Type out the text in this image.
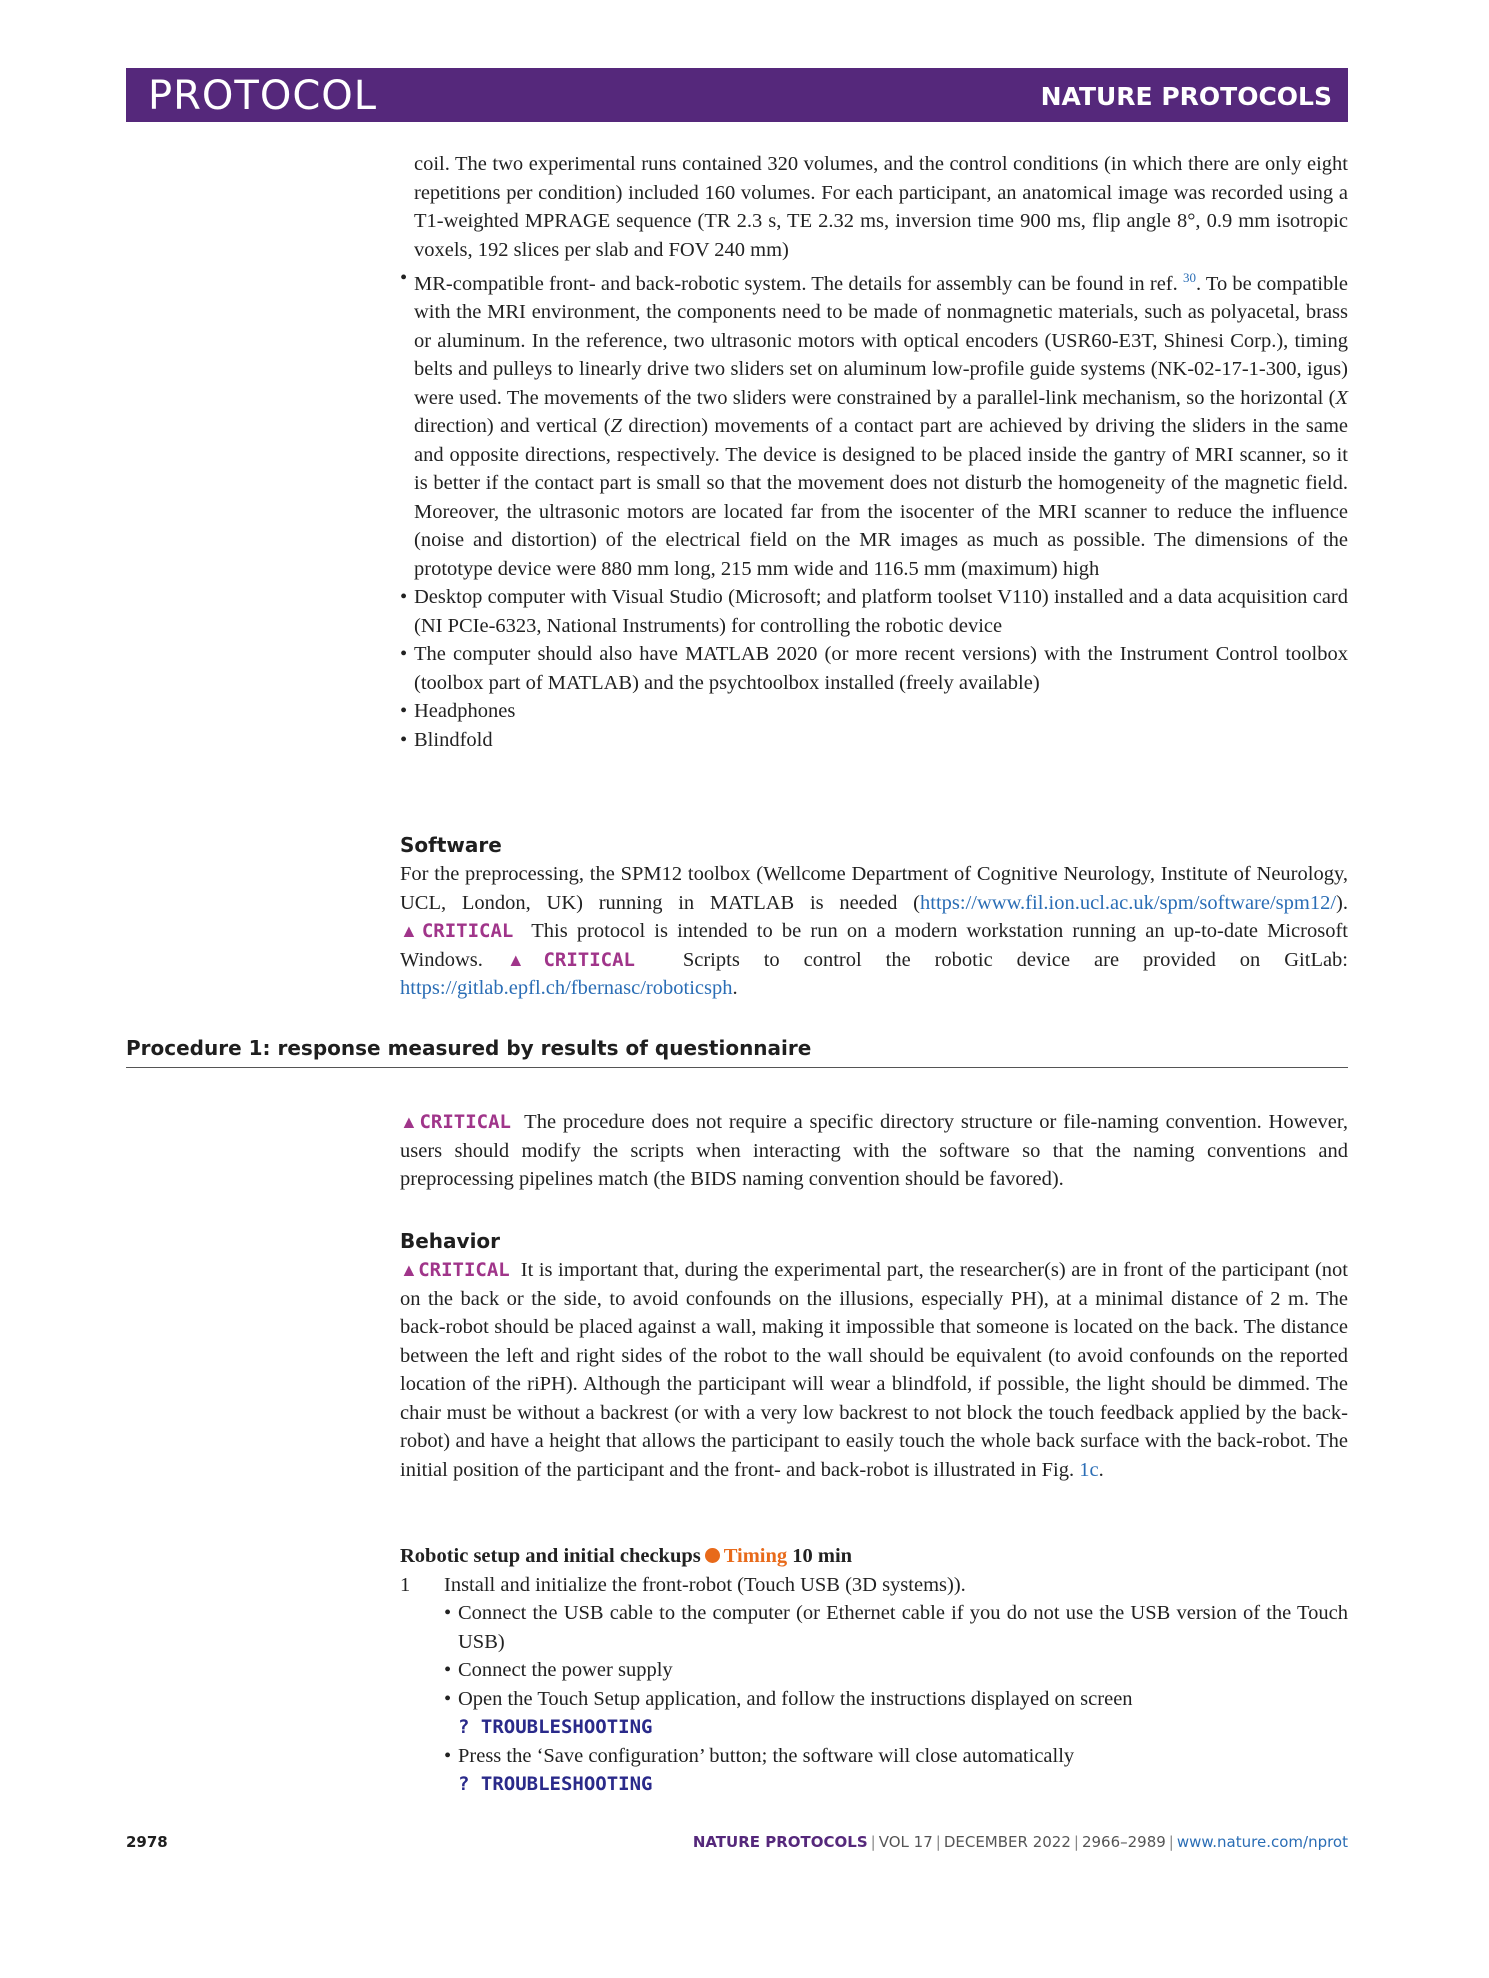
PROTOCOL	NATURE PROTOCOLS

coil. The two experimental runs contained 320 volumes, and the control conditions (in which there are only eight repetitions per condition) included 160 volumes. For each participant, an anatomical image was recorded using a T1-weighted MPRAGE sequence (TR 2.3 s, TE 2.32 ms, inversion time 900 ms, flip angle 8°, 0.9 mm isotropic voxels, 192 slices per slab and FOV 240 mm)

• MR-compatible front- and back-robotic system. The details for assembly can be found in ref. $^{30}$. To be compatible with the MRI environment, the components need to be made of nonmagnetic materials, such as polyacetal, brass or aluminum. In the reference, two ultrasonic motors with optical encoders (USR60-E3T, Shinesi Corp.), timing belts and pulleys to linearly drive two sliders set on aluminum low-profile guide systems (NK-02-17-1-300, igus) were used. The movements of the two sliders were constrained by a parallel-link mechanism, so the horizontal (X direction) and vertical (Z direction) movements of a contact part are achieved by driving the sliders in the same and opposite directions, respectively. The device is designed to be placed inside the gantry of MRI scanner, so it is better if the contact part is small so that the movement does not disturb the homogeneity of the magnetic field. Moreover, the ultrasonic motors are located far from the isocenter of the MRI scanner to reduce the influence (noise and distortion) of the electrical field on the MR images as much as possible. The dimensions of the prototype device were 880 mm long, 215 mm wide and 116.5 mm (maximum) high

• Desktop computer with Visual Studio (Microsoft; and platform toolset V110) installed and a data acquisition card (NI PCIe-6323, National Instruments) for controlling the robotic device

• The computer should also have MATLAB 2020 (or more recent versions) with the Instrument Control toolbox (toolbox part of MATLAB) and the psychtoolbox installed (freely available)

• Headphones

• Blindfold

Software

For the preprocessing, the SPM12 toolbox (Wellcome Department of Cognitive Neurology, Institute of Neurology, UCL, London, UK) running in MATLAB is needed (https://www.fil.ion.ucl.ac.uk/spm/software/spm12/). ▲CRITICAL This protocol is intended to be run on a modern workstation running an up-to-date Microsoft Windows. ▲CRITICAL Scripts to control the robotic device are provided on GitLab: https://gitlab.epfl.ch/fbernasc/roboticsph.

Procedure 1: response measured by results of questionnaire

▲CRITICAL The procedure does not require a specific directory structure or file-naming convention. However, users should modify the scripts when interacting with the software so that the naming conventions and preprocessing pipelines match (the BIDS naming convention should be favored).

Behavior

▲CRITICAL It is important that, during the experimental part, the researcher(s) are in front of the participant (not on the back or the side, to avoid confounds on the illusions, especially PH), at a minimal distance of 2 m. The back-robot should be placed against a wall, making it impossible that someone is located on the back. The distance between the left and right sides of the robot to the wall should be equivalent (to avoid confounds on the reported location of the riPH). Although the participant will wear a blindfold, if possible, the light should be dimmed. The chair must be without a backrest (or with a very low backrest to not block the touch feedback applied by the back-robot) and have a height that allows the participant to easily touch the whole back surface with the back-robot. The initial position of the participant and the front- and back-robot is illustrated in Fig. 1c.

Robotic setup and initial checkups Timing 10 min
1 Install and initialize the front-robot (Touch USB (3D systems)).
• Connect the USB cable to the computer (or Ethernet cable if you do not use the USB version of the Touch USB)
• Connect the power supply
• Open the Touch Setup application, and follow the instructions displayed on screen
? TROUBLESHOOTING
• Press the ‘Save configuration’ button; the software will close automatically
? TROUBLESHOOTING
2978	NATURE PROTOCOLS | VOL 17 | DECEMBER 2022 | 2966–2989 | www.nature.com/nprot
